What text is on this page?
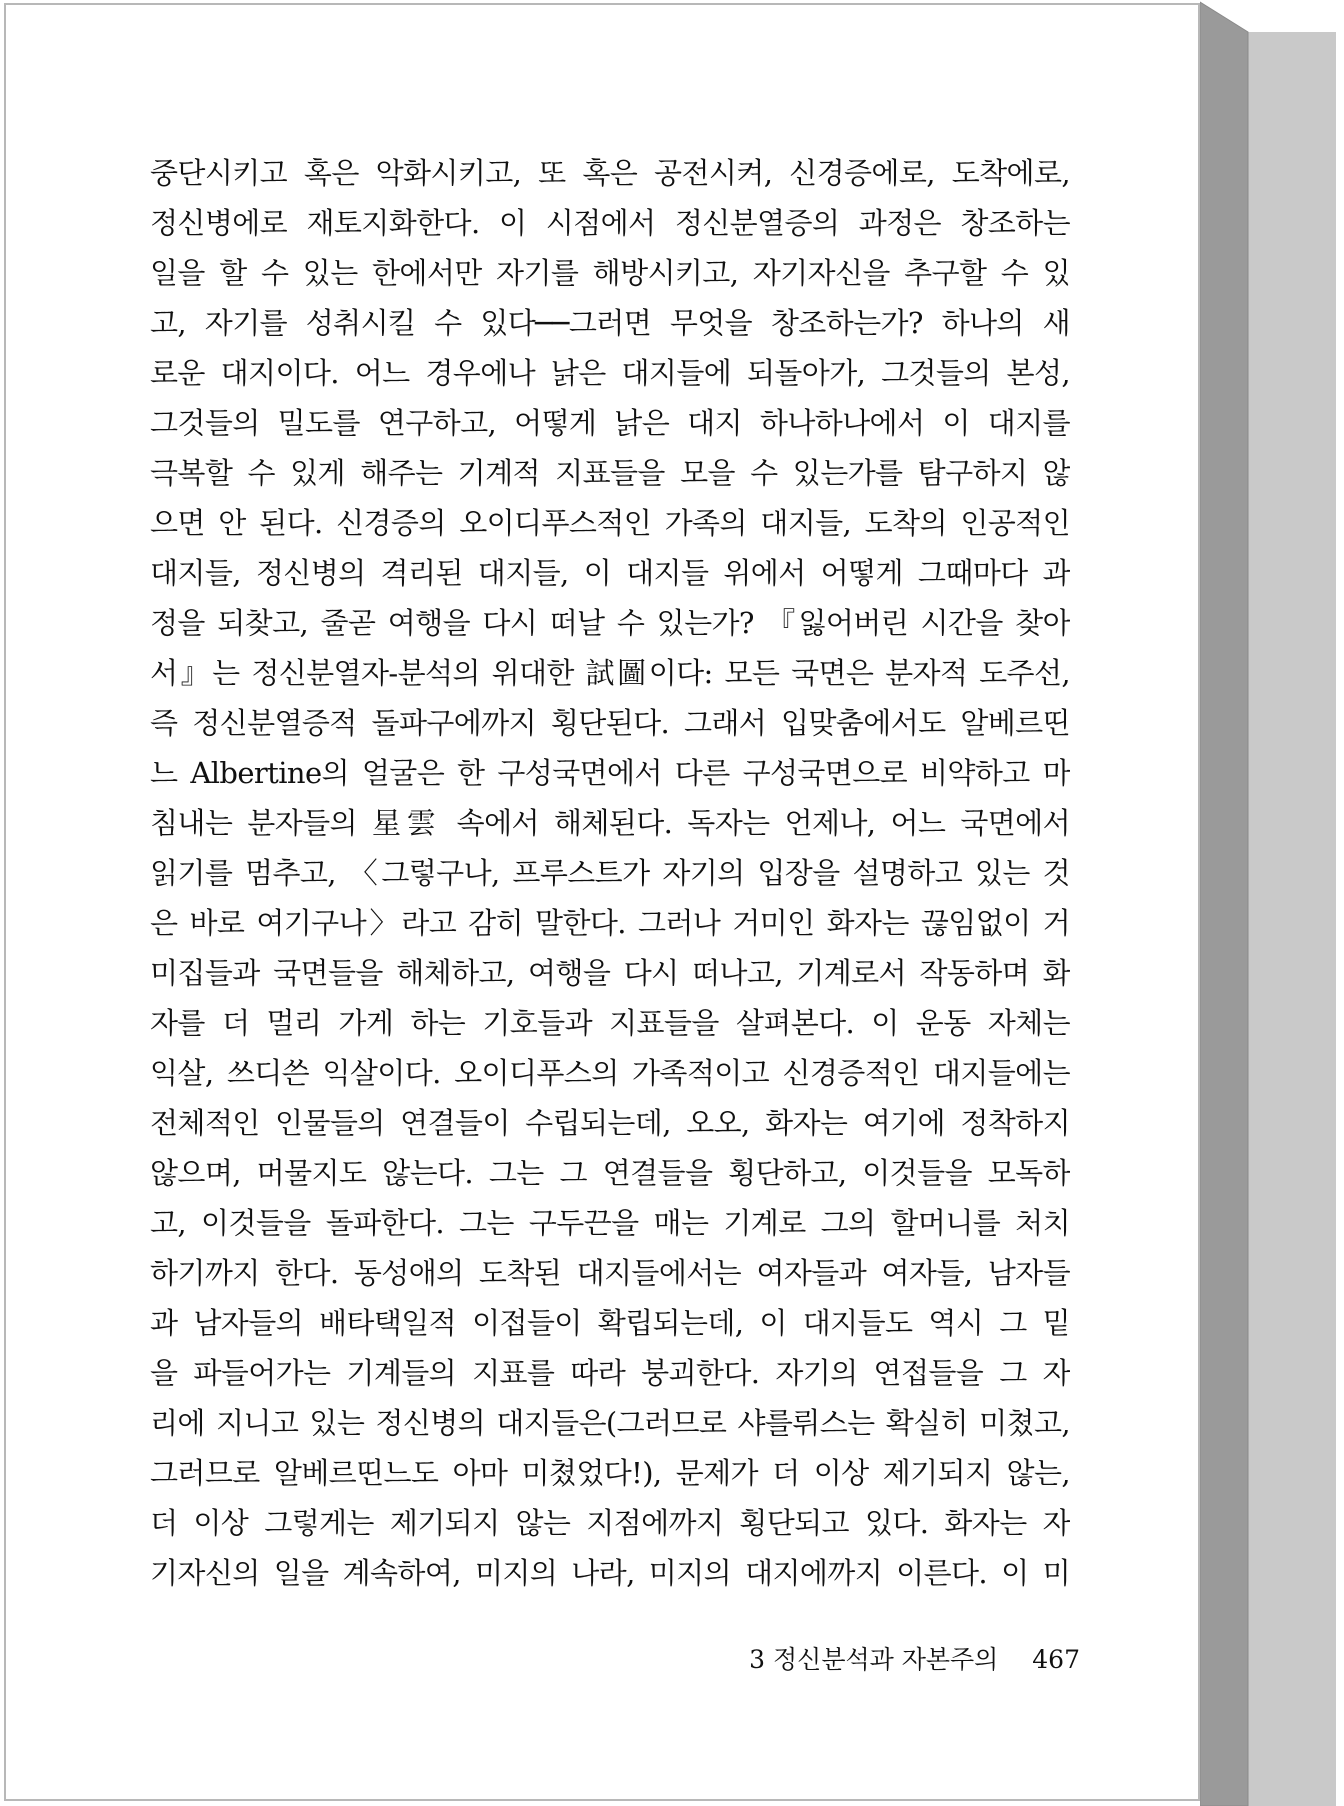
중단시키고 혹은 악화시키고, 또 혹은 공전시켜, 신경증에로, 도착에로,
정신병에로 재토지화한다. 이 시점에서 정신분열증의 과정은 창조하는
일을 할 수 있는 한에서만 자기를 해방시키고, 자기자신을 추구할 수 있
고, 자기를 성취시킬 수 있다──그러면 무엇을 창조하는가? 하나의 새
로운 대지이다. 어느 경우에나 낡은 대지들에 되돌아가, 그것들의 본성,
그것들의 밀도를 연구하고, 어떻게 낡은 대지 하나하나에서 이 대지를
극복할 수 있게 해주는 기계적 지표들을 모을 수 있는가를 탐구하지 않
으면 안 된다. 신경증의 오이디푸스적인 가족의 대지들, 도착의 인공적인
대지들, 정신병의 격리된 대지들, 이 대지들 위에서 어떻게 그때마다 과
정을 되찾고, 줄곧 여행을 다시 떠날 수 있는가? 『잃어버린 시간을 찾아
서』는 정신분열자-분석의 위대한 試圖이다: 모든 국면은 분자적 도주선,
즉 정신분열증적 돌파구에까지 횡단된다. 그래서 입맞춤에서도 알베르띤
느 Albertine의 얼굴은 한 구성국면에서 다른 구성국면으로 비약하고 마
침내는 분자들의 星雲 속에서 해체된다. 독자는 언제나, 어느 국면에서
읽기를 멈추고, 〈그렇구나, 프루스트가 자기의 입장을 설명하고 있는 것
은 바로 여기구나〉라고 감히 말한다. 그러나 거미인 화자는 끊임없이 거
미집들과 국면들을 해체하고, 여행을 다시 떠나고, 기계로서 작동하며 화
자를 더 멀리 가게 하는 기호들과 지표들을 살펴본다. 이 운동 자체는
익살, 쓰디쓴 익살이다. 오이디푸스의 가족적이고 신경증적인 대지들에는
전체적인 인물들의 연결들이 수립되는데, 오오, 화자는 여기에 정착하지
않으며, 머물지도 않는다. 그는 그 연결들을 횡단하고, 이것들을 모독하
고, 이것들을 돌파한다. 그는 구두끈을 매는 기계로 그의 할머니를 처치
하기까지 한다. 동성애의 도착된 대지들에서는 여자들과 여자들, 남자들
과 남자들의 배타택일적 이접들이 확립되는데, 이 대지들도 역시 그 밑
을 파들어가는 기계들의 지표를 따라 붕괴한다. 자기의 연접들을 그 자
리에 지니고 있는 정신병의 대지들은(그러므로 샤를뤼스는 확실히 미쳤고,
그러므로 알베르띤느도 아마 미쳤었다!), 문제가 더 이상 제기되지 않는,
더 이상 그렇게는 제기되지 않는 지점에까지 횡단되고 있다. 화자는 자
기자신의 일을 계속하여, 미지의 나라, 미지의 대지에까지 이른다. 이 미
3 정신분석과 자본주의 467
